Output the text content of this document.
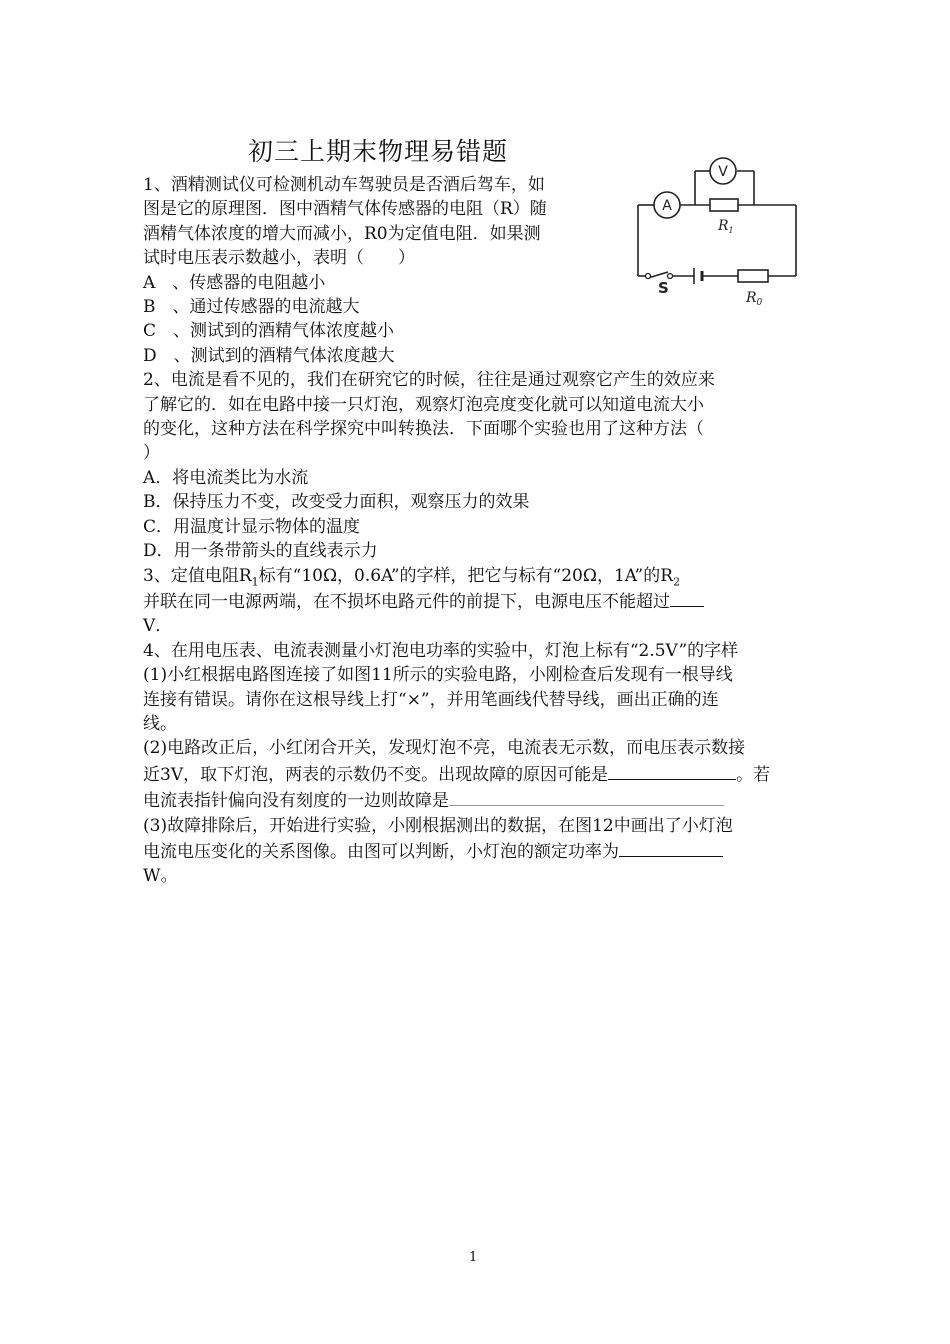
初三上期末物理易错题
V
A
S
$R_1$
$R_0$

1、酒精测试仪可检测机动车驾驶员是否酒后驾车，如

图是它的原理图．图中酒精气体传感器的电阻（R）随

酒精气体浓度的增大而减小，R0为定值电阻．如果测

试时电压表示数越小，表明（　　）

A　、传感器的电阻越小

B　、通过传感器的电流越大

C　、测试到的酒精气体浓度越小

D　、测试到的酒精气体浓度越大

2、电流是看不见的，我们在研究它的时候，往往是通过观察它产生的效应来

了解它的．如在电路中接一只灯泡，观察灯泡亮度变化就可以知道电流大小

的变化，这种方法在科学探究中叫转换法．下面哪个实验也用了这种方法（

）

A．将电流类比为水流

B．保持压力不变，改变受力面积，观察压力的效果

C．用温度计显示物体的温度

D．用一条带箭头的直线表示力

3、定值电阻$R_1$标有“10Ω，0.6A”的字样，把它与标有“20Ω，1A”的$R_2$

并联在同一电源两端，在不损坏电路元件的前提下，电源电压不能超过

V．

4、在用电压表、电流表测量小灯泡电功率的实验中，灯泡上标有“2.5V”的字样

(1)小红根据电路图连接了如图11所示的实验电路，小刚检查后发现有一根导线

连接有错误。请你在这根导线上打“×”，并用笔画线代替导线，画出正确的连

线。

(2)电路改正后，小红闭合开关，发现灯泡不亮，电流表无示数，而电压表示数接

近3V，取下灯泡，两表的示数仍不变。出现故障的原因可能是	。若

电流表指针偏向没有刻度的一边则故障是

(3)故障排除后，开始进行实验，小刚根据测出的数据，在图12中画出了小灯泡

电流电压变化的关系图像。由图可以判断，小灯泡的额定功率为

W。

1
